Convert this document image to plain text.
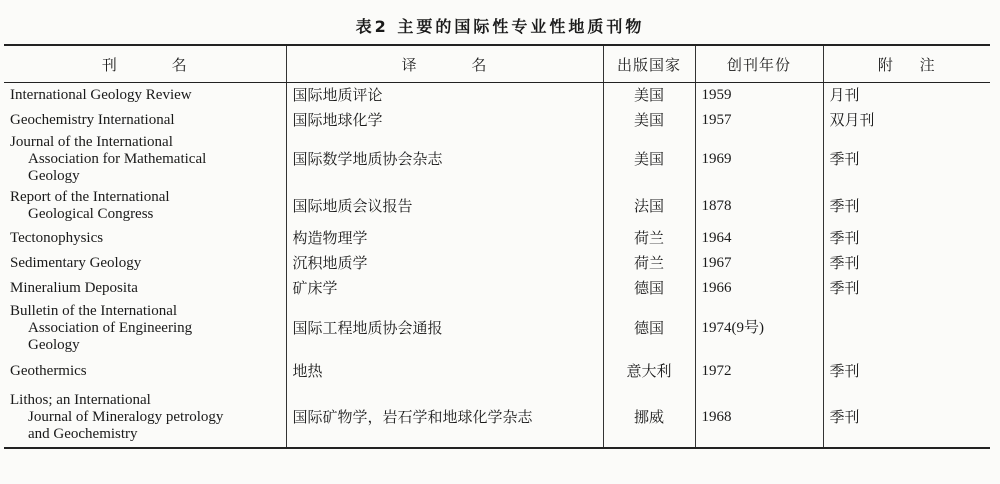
表2 主要的国际性专业性地质刊物
刊 名	译 名	出版国家	创刊年份	附 注

International Geology Review	国际地质评论	美国	1959	月刊

Geochemistry International	国际地球化学	美国	1957	双月刊

Journal of the International
Association for Mathematical
Geology	国际数学地质协会杂志	美国	1969	季刊

Report of the International
Geological Congress	国际地质会议报告	法国	1878	季刊

Tectonophysics	构造物理学	荷兰	1964	季刊

Sedimentary Geology	沉积地质学	荷兰	1967	季刊

Mineralium Deposita	矿床学	德国	1966	季刊

Bulletin of the International
Association of Engineering
Geology	国际工程地质协会通报	德国	1974(9号)	

Geothermics	地热	意大利	1972	季刊

Lithos; an International
Journal of Mineralogy petrology
and Geochemistry	国际矿物学，岩石学和地球化学杂志	挪威	1968	季刊
